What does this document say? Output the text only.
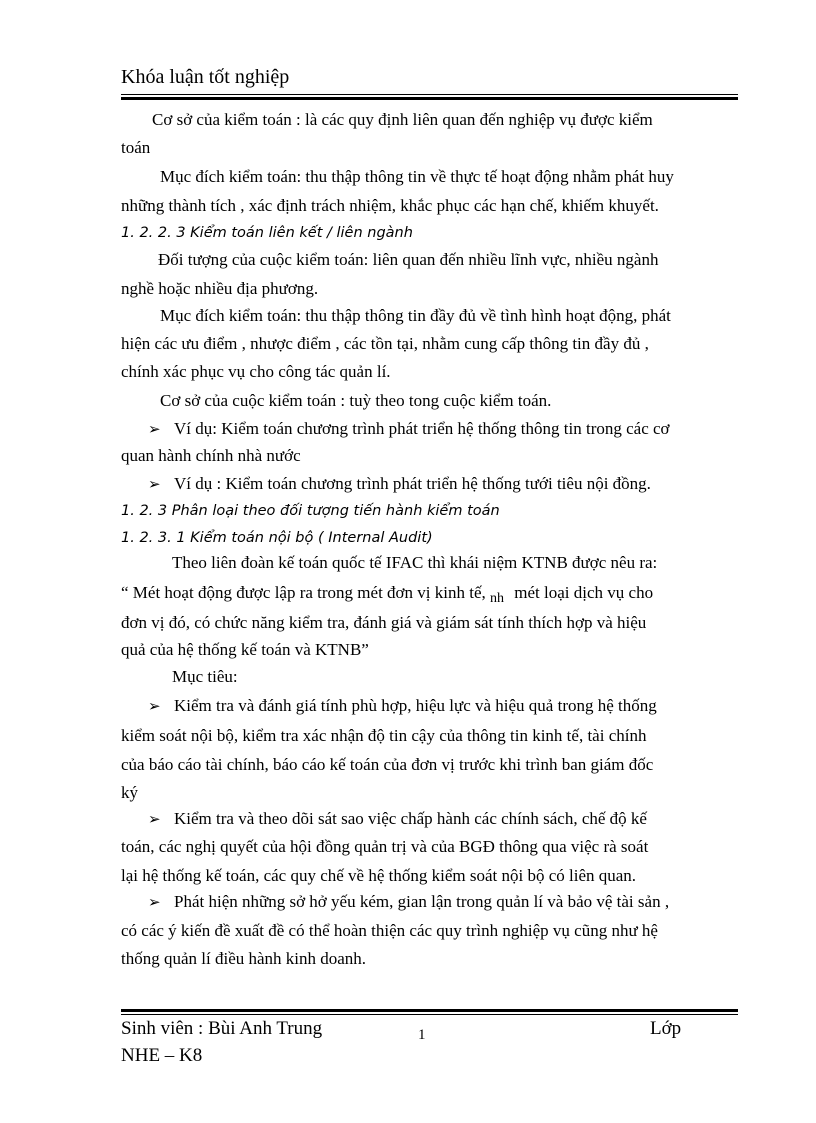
Khóa luận tốt nghiệp
Cơ sở của kiểm toán : là các quy định liên quan đến nghiệp vụ được kiểm
toán
Mục đích kiểm toán: thu thập thông tin về thực tế hoạt động nhằm phát huy
những thành tích , xác định trách nhiệm, khắc phục các hạn chế, khiếm khuyết.
1. 2. 2. 3 Kiểm toán liên kết / liên ngành
Đối tượng của cuộc kiểm toán: liên quan đến nhiều lĩnh vực, nhiều ngành
nghề hoặc nhiều địa phương.
Mục đích kiểm toán: thu thập thông tin đầy đủ về tình hình hoạt động, phát
hiện các ưu điểm , nhược điểm , các tồn tại, nhằm cung cấp thông tin đầy đủ ,
chính xác phục vụ cho công tác quản lí.
Cơ sở của cuộc kiểm toán : tuỳ theo tong cuộc kiểm toán.
➢ Ví dụ: Kiểm toán chương trình phát triển hệ thống thông tin trong các cơ
quan hành chính nhà nước
➢ Ví dụ : Kiểm toán chương trình phát triển hệ thống tưới tiêu nội đồng.
1. 2. 3 Phân loại theo đối tượng tiến hành kiểm toán
1. 2. 3. 1 Kiểm toán nội bộ ( Internal Audit)
Theo liên đoàn kế toán quốc tế IFAC thì khái niệm KTNB được nêu ra:
“ Mét hoạt động được lập ra trong mét đơn vị kinh tế, $_{nh}$ mét loại dịch vụ cho
đơn vị đó, có chức năng kiểm tra, đánh giá và giám sát tính thích hợp và hiệu
quả của hệ thống kế toán và KTNB”
Mục tiêu:
➢ Kiểm tra và đánh giá tính phù hợp, hiệu lực và hiệu quả trong hệ thống
kiểm soát nội bộ, kiểm tra xác nhận độ tin cậy của thông tin kinh tế, tài chính
của báo cáo tài chính, báo cáo kế toán của đơn vị trước khi trình ban giám đốc
ký
➢ Kiểm tra và theo dõi sát sao việc chấp hành các chính sách, chế độ kế
toán, các nghị quyết của hội đồng quản trị và của BGĐ thông qua việc rà soát
lại hệ thống kế toán, các quy chế về hệ thống kiểm soát nội bộ có liên quan.
➢ Phát hiện những sở hở yếu kém, gian lận trong quản lí và bảo vệ tài sản ,
có các ý kiến đề xuất đề có thể hoàn thiện các quy trình nghiệp vụ cũng như hệ
thống quản lí điều hành kinh doanh.
Sinh viên : Bùi Anh Trung	1	Lớp
NHE – K8
